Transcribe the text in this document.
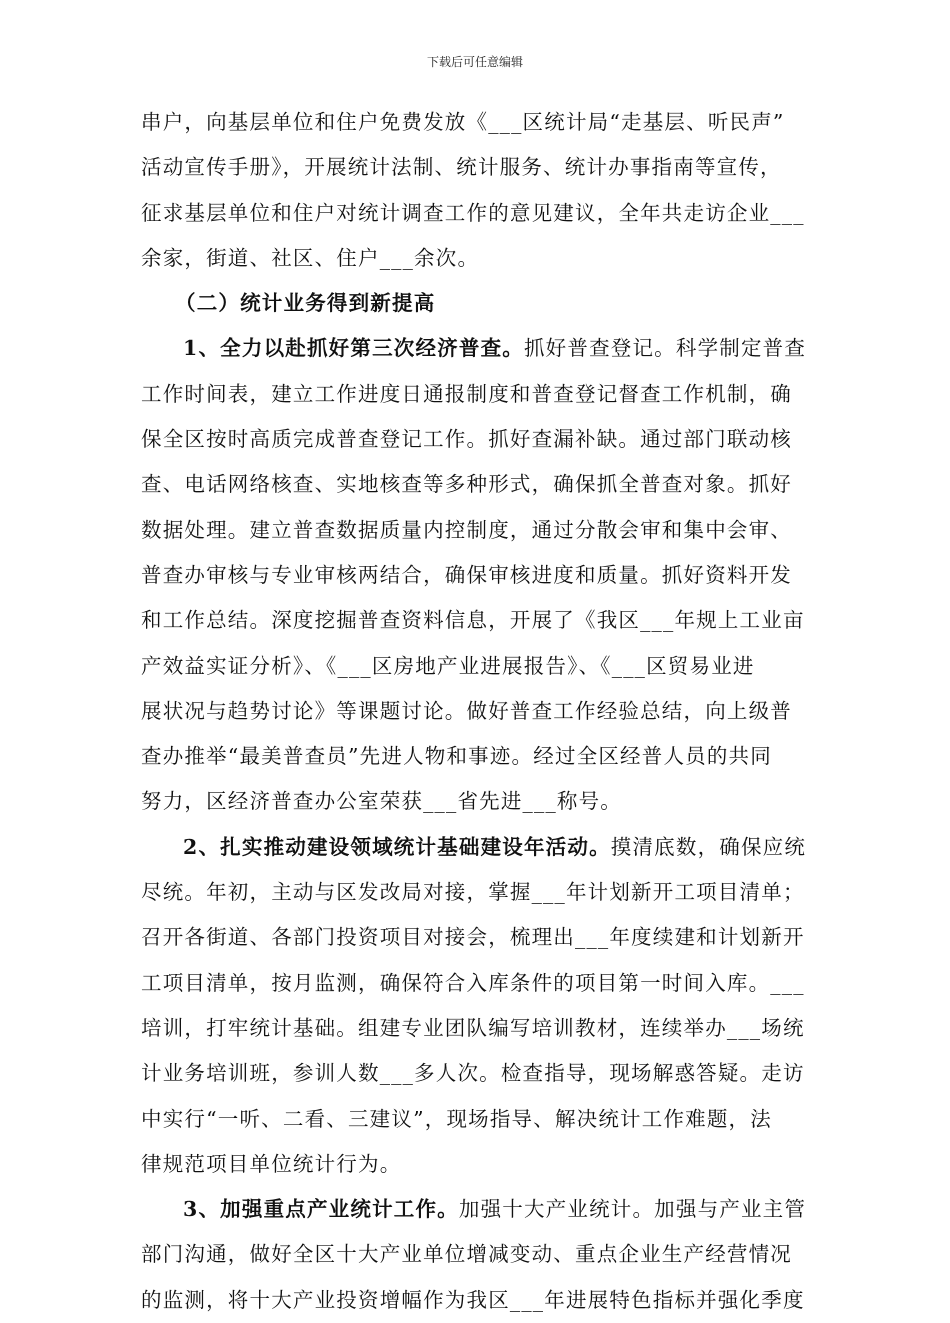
下载后可任意编辑
串户，向基层单位和住户免费发放《___区统计局“走基层、听民声”
活动宣传手册》，开展统计法制、统计服务、统计办事指南等宣传，
征求基层单位和住户对统计调查工作的意见建议，全年共走访企业___
余家，街道、社区、住户___余次。
（二）统计业务得到新提高
1、全力以赴抓好第三次经济普查。抓好普查登记。科学制定普查
工作时间表，建立工作进度日通报制度和普查登记督查工作机制，确
保全区按时高质完成普查登记工作。抓好查漏补缺。通过部门联动核
查、电话网络核查、实地核查等多种形式，确保抓全普查对象。抓好
数据处理。建立普查数据质量内控制度，通过分散会审和集中会审、
普查办审核与专业审核两结合，确保审核进度和质量。抓好资料开发
和工作总结。深度挖掘普查资料信息，开展了《我区___年规上工业亩
产效益实证分析》、《___区房地产业进展报告》、《___区贸易业进
展状况与趋势讨论》等课题讨论。做好普查工作经验总结，向上级普
查办推举“最美普查员”先进人物和事迹。经过全区经普人员的共同
努力，区经济普查办公室荣获___省先进___称号。
2、扎实推动建设领域统计基础建设年活动。摸清底数，确保应统
尽统。年初，主动与区发改局对接，掌握___年计划新开工项目清单；
召开各街道、各部门投资项目对接会，梳理出___年度续建和计划新开
工项目清单，按月监测，确保符合入库条件的项目第一时间入库。___
培训，打牢统计基础。组建专业团队编写培训教材，连续举办___场统
计业务培训班，参训人数___多人次。检查指导，现场解惑答疑。走访
中实行“一听、二看、三建议”，现场指导、解决统计工作难题，法
律规范项目单位统计行为。
3、加强重点产业统计工作。加强十大产业统计。加强与产业主管
部门沟通，做好全区十大产业单位增减变动、重点企业生产经营情况
的监测，将十大产业投资增幅作为我区___年进展特色指标并强化季度
